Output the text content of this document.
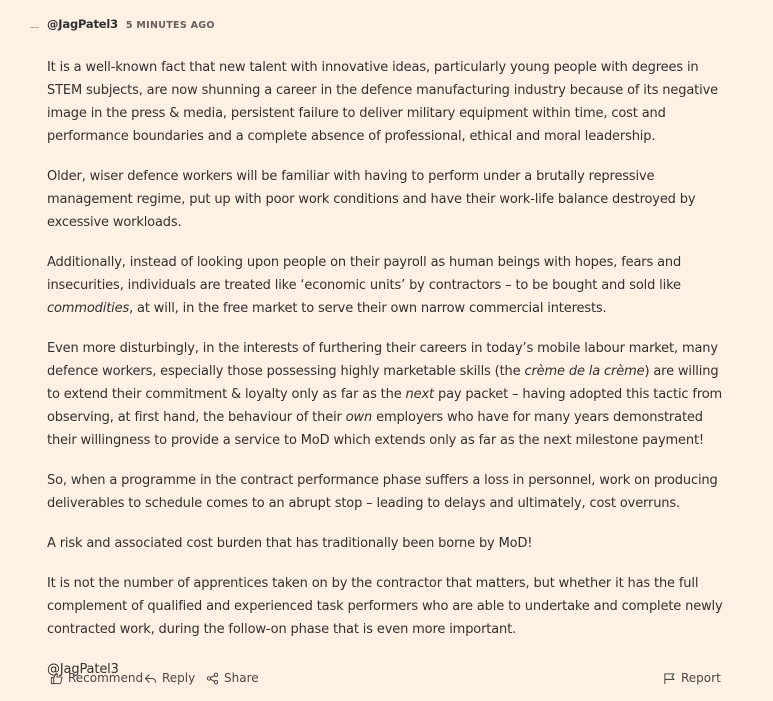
@JagPatel3 5 MINUTES AGO

It is a well-known fact that new talent with innovative ideas, particularly young people with degrees in STEM subjects, are now shunning a career in the defence manufacturing industry because of its negative image in the press & media, persistent failure to deliver military equipment within time, cost and performance boundaries and a complete absence of professional, ethical and moral leadership.

Older, wiser defence workers will be familiar with having to perform under a brutally repressive management regime, put up with poor work conditions and have their work-life balance destroyed by excessive workloads.

Additionally, instead of looking upon people on their payroll as human beings with hopes, fears and insecurities, individuals are treated like ‘economic units’ by contractors – to be bought and sold like commodities, at will, in the free market to serve their own narrow commercial interests.

Even more disturbingly, in the interests of furthering their careers in today’s mobile labour market, many defence workers, especially those possessing highly marketable skills (the crème de la crème) are willing to extend their commitment & loyalty only as far as the next pay packet – having adopted this tactic from observing, at first hand, the behaviour of their own employers who have for many years demonstrated their willingness to provide a service to MoD which extends only as far as the next milestone payment!

So, when a programme in the contract performance phase suffers a loss in personnel, work on producing deliverables to schedule comes to an abrupt stop – leading to delays and ultimately, cost overruns.

A risk and associated cost burden that has traditionally been borne by MoD!

It is not the number of apprentices taken on by the contractor that matters, but whether it has the full complement of qualified and experienced task performers who are able to undertake and complete newly contracted work, during the follow-on phase that is even more important.

@JagPatel3

Recommend Reply Share	Report
